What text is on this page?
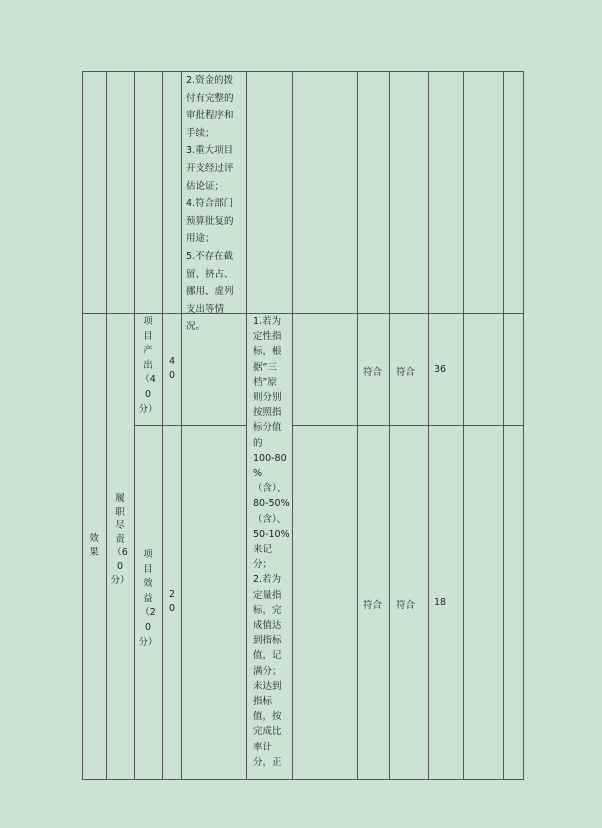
2.资金的拨
付有完整的
审批程序和
手续；
3.重大项目
开支经过评
估论证；
4.符合部门
预算批复的
用途；
5.不存在截
留、挤占、
挪用、虚列
支出等情
况。
效
果
履
职
尽
责
（6
0
分）
项
目
产
出
（4
0
分）
4
0
项
目
效
益
（2
0
分）
2
0
1.若为
定性指
标，根
据“三
档”原
则分别
按照指
标分值
的
100-80
%（含）、
80-50%
（含）、
50-10%
来记
分；
2.若为
定量指
标，完
成值达
到指标
值，记
满分；
未达到
指标
值，按
完成比
率计
分，正
符合 符合 36
符合 符合 18
